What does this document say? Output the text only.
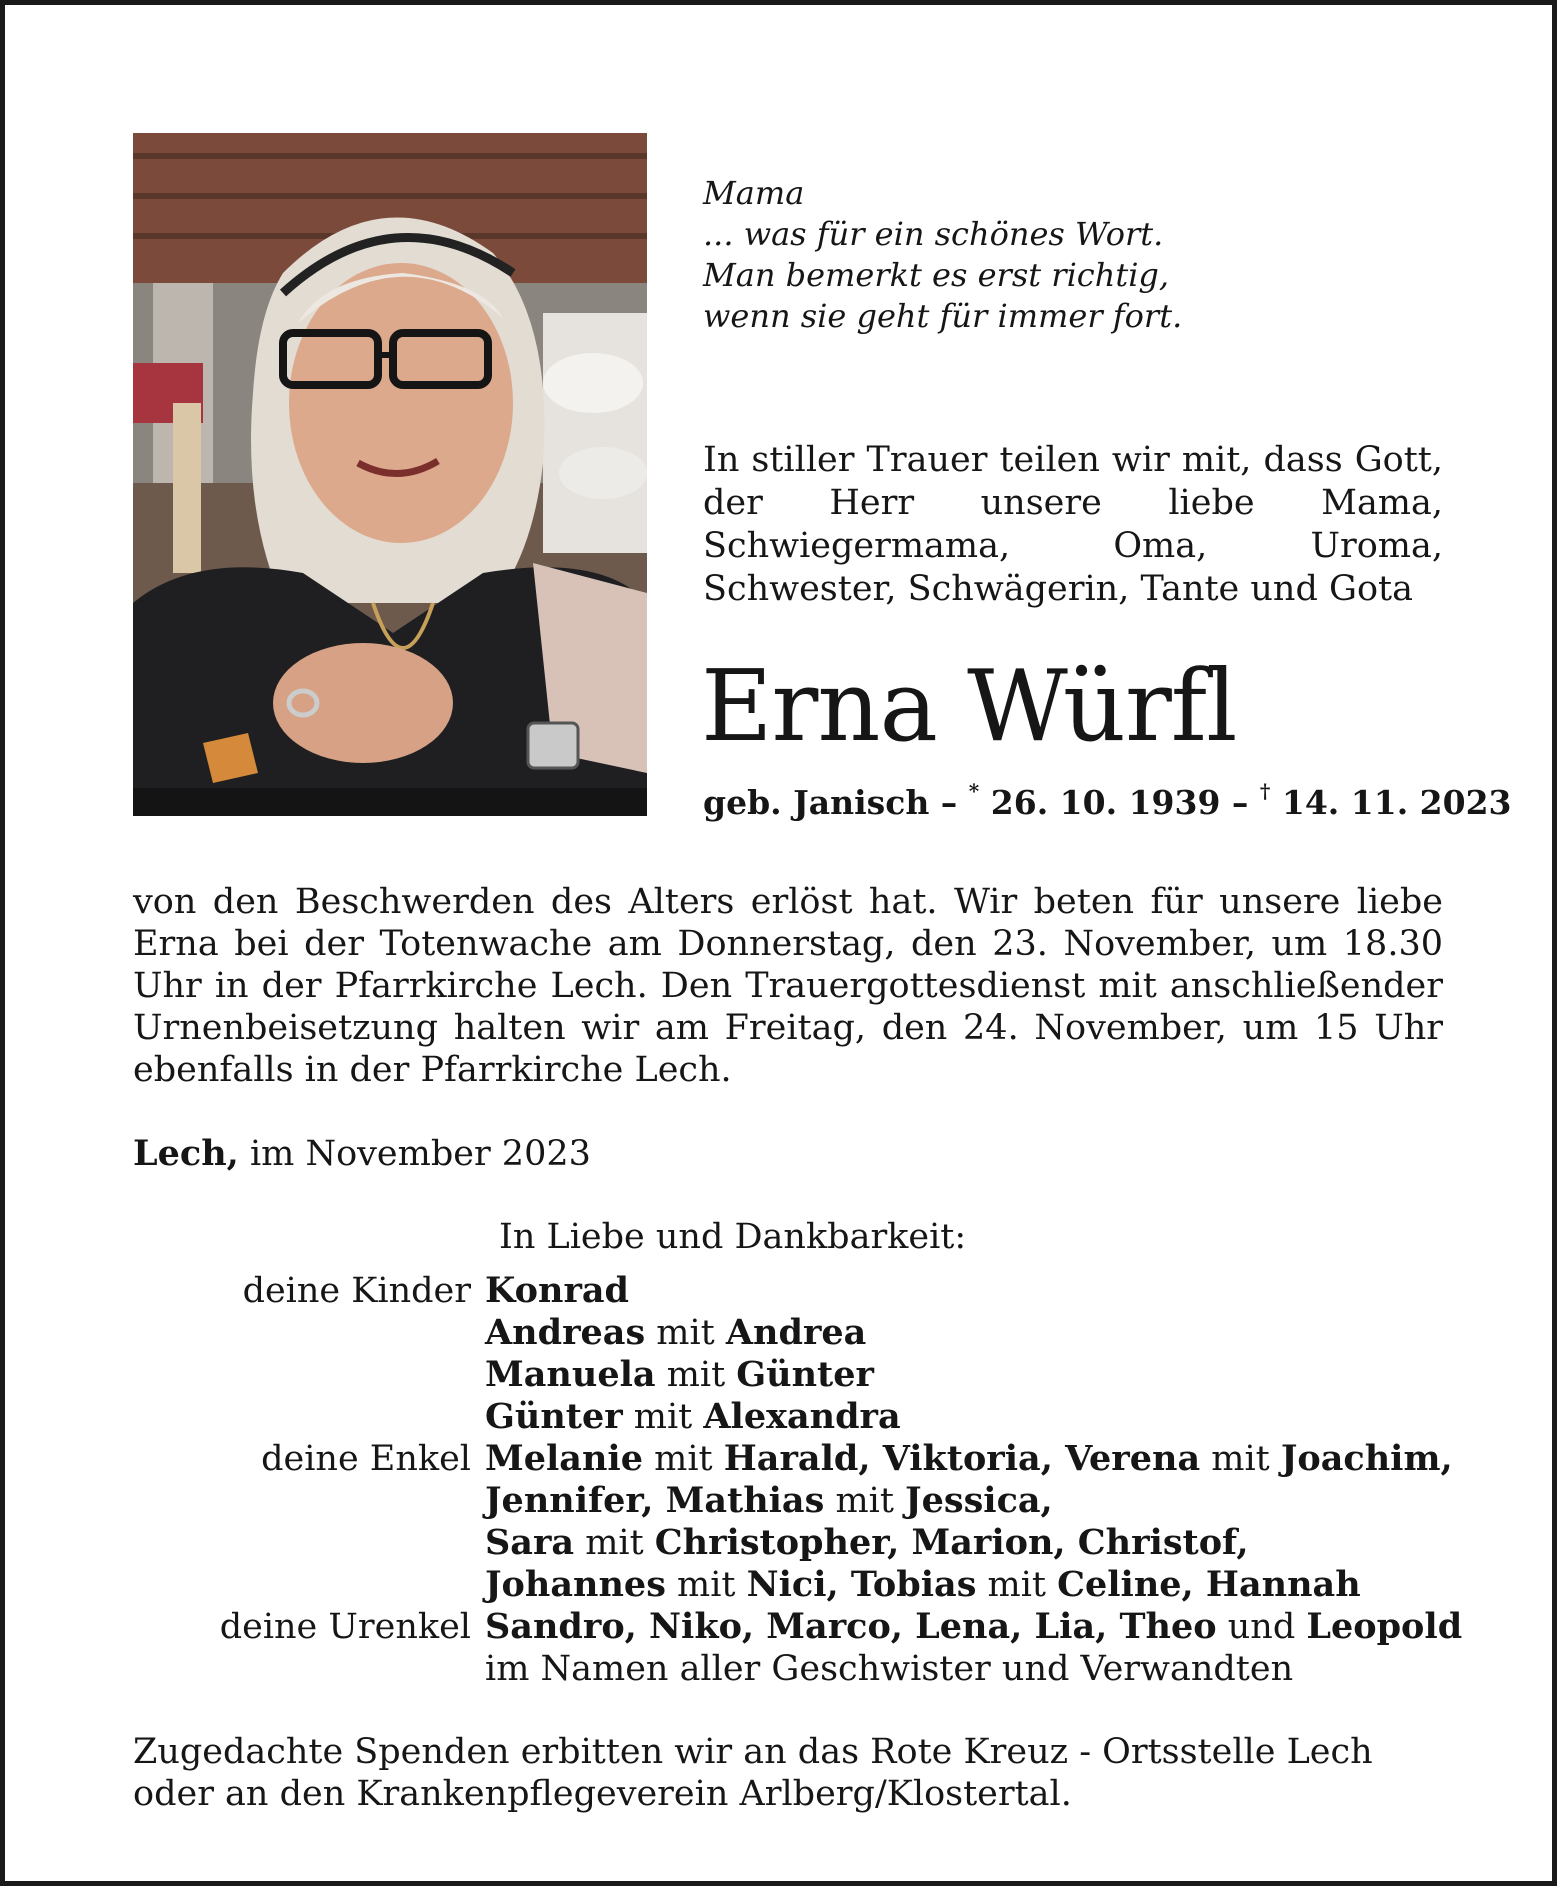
Mama
... was für ein schönes Wort.
Man bemerkt es erst richtig,
wenn sie geht für immer fort.
In stiller Trauer teilen wir mit, dass Gott, der Herr unsere liebe Mama, Schwiegermama, Oma, Uroma, Schwester, Schwägerin, Tante und Gota
Erna Würfl
geb. Janisch – * 26. 10. 1939 – † 14. 11. 2023
von den Beschwerden des Alters erlöst hat. Wir beten für unsere liebe Erna bei der Totenwache am Donnerstag, den 23. November, um 18.30 Uhr in der Pfarrkirche Lech. Den Trauergottesdienst mit anschließender Urnenbeisetzung halten wir am Freitag, den 24. November, um 15 Uhr ebenfalls in der Pfarrkirche Lech.
Lech, im November 2023
In Liebe und Dankbarkeit:
deine Kinder Konrad
Andreas mit Andrea
Manuela mit Günter
Günter mit Alexandra
deine Enkel Melanie mit Harald, Viktoria, Verena mit Joachim,
Jennifer, Mathias mit Jessica,
Sara mit Christopher, Marion, Christof,
Johannes mit Nici, Tobias mit Celine, Hannah
deine Urenkel Sandro, Niko, Marco, Lena, Lia, Theo und Leopold
im Namen aller Geschwister und Verwandten
Zugedachte Spenden erbitten wir an das Rote Kreuz - Ortsstelle Lech oder an den Krankenpflegeverein Arlberg/Klostertal.
